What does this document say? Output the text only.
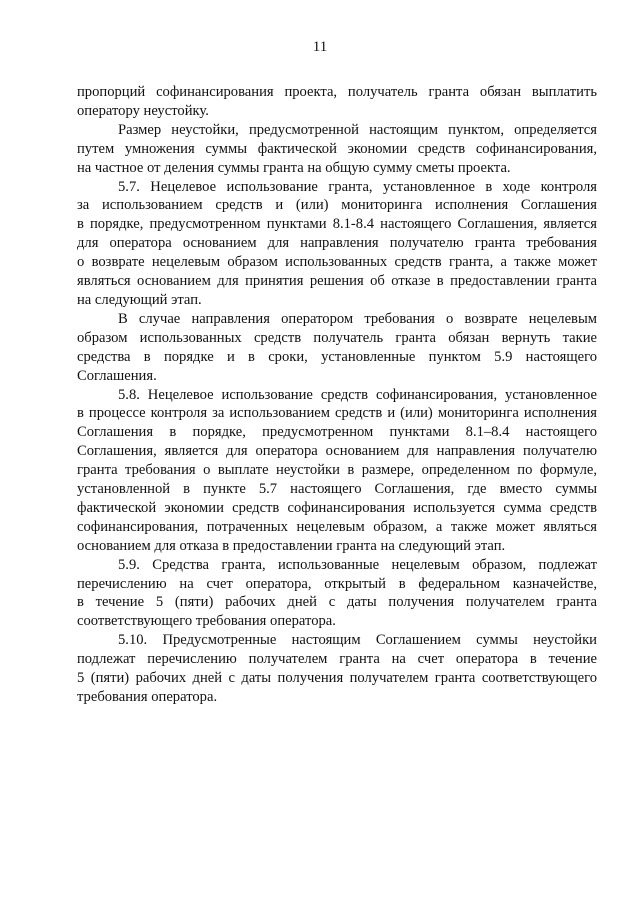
11

пропорций софинансирования проекта, получатель гранта обязан выплатить
оператору неустойку.

Размер неустойки, предусмотренной настоящим пунктом, определяется
путем умножения суммы фактической экономии средств софинансирования,
на частное от деления суммы гранта на общую сумму сметы проекта.

5.7. Нецелевое использование гранта, установленное в ходе контроля
за использованием средств и (или) мониторинга исполнения Соглашения
в порядке, предусмотренном пунктами 8.1-8.4 настоящего Соглашения, является
для оператора основанием для направления получателю гранта требования
о возврате нецелевым образом использованных средств гранта, а также может
являться основанием для принятия решения об отказе в предоставлении гранта
на следующий этап.

В случае направления оператором требования о возврате нецелевым
образом использованных средств получатель гранта обязан вернуть такие
средства в порядке и в сроки, установленные пунктом 5.9 настоящего
Соглашения.

5.8. Нецелевое использование средств софинансирования, установленное
в процессе контроля за использованием средств и (или) мониторинга исполнения
Соглашения в порядке, предусмотренном пунктами 8.1–8.4 настоящего
Соглашения, является для оператора основанием для направления получателю
гранта требования о выплате неустойки в размере, определенном по формуле,
установленной в пункте 5.7 настоящего Соглашения, где вместо суммы
фактической экономии средств софинансирования используется сумма средств
софинансирования, потраченных нецелевым образом, а также может являться
основанием для отказа в предоставлении гранта на следующий этап.

5.9. Средства гранта, использованные нецелевым образом, подлежат
перечислению на счет оператора, открытый в федеральном казначействе,
в течение 5 (пяти) рабочих дней с даты получения получателем гранта
соответствующего требования оператора.

5.10. Предусмотренные настоящим Соглашением суммы неустойки
подлежат перечислению получателем гранта на счет оператора в течение
5 (пяти) рабочих дней с даты получения получателем гранта соответствующего
требования оператора.
